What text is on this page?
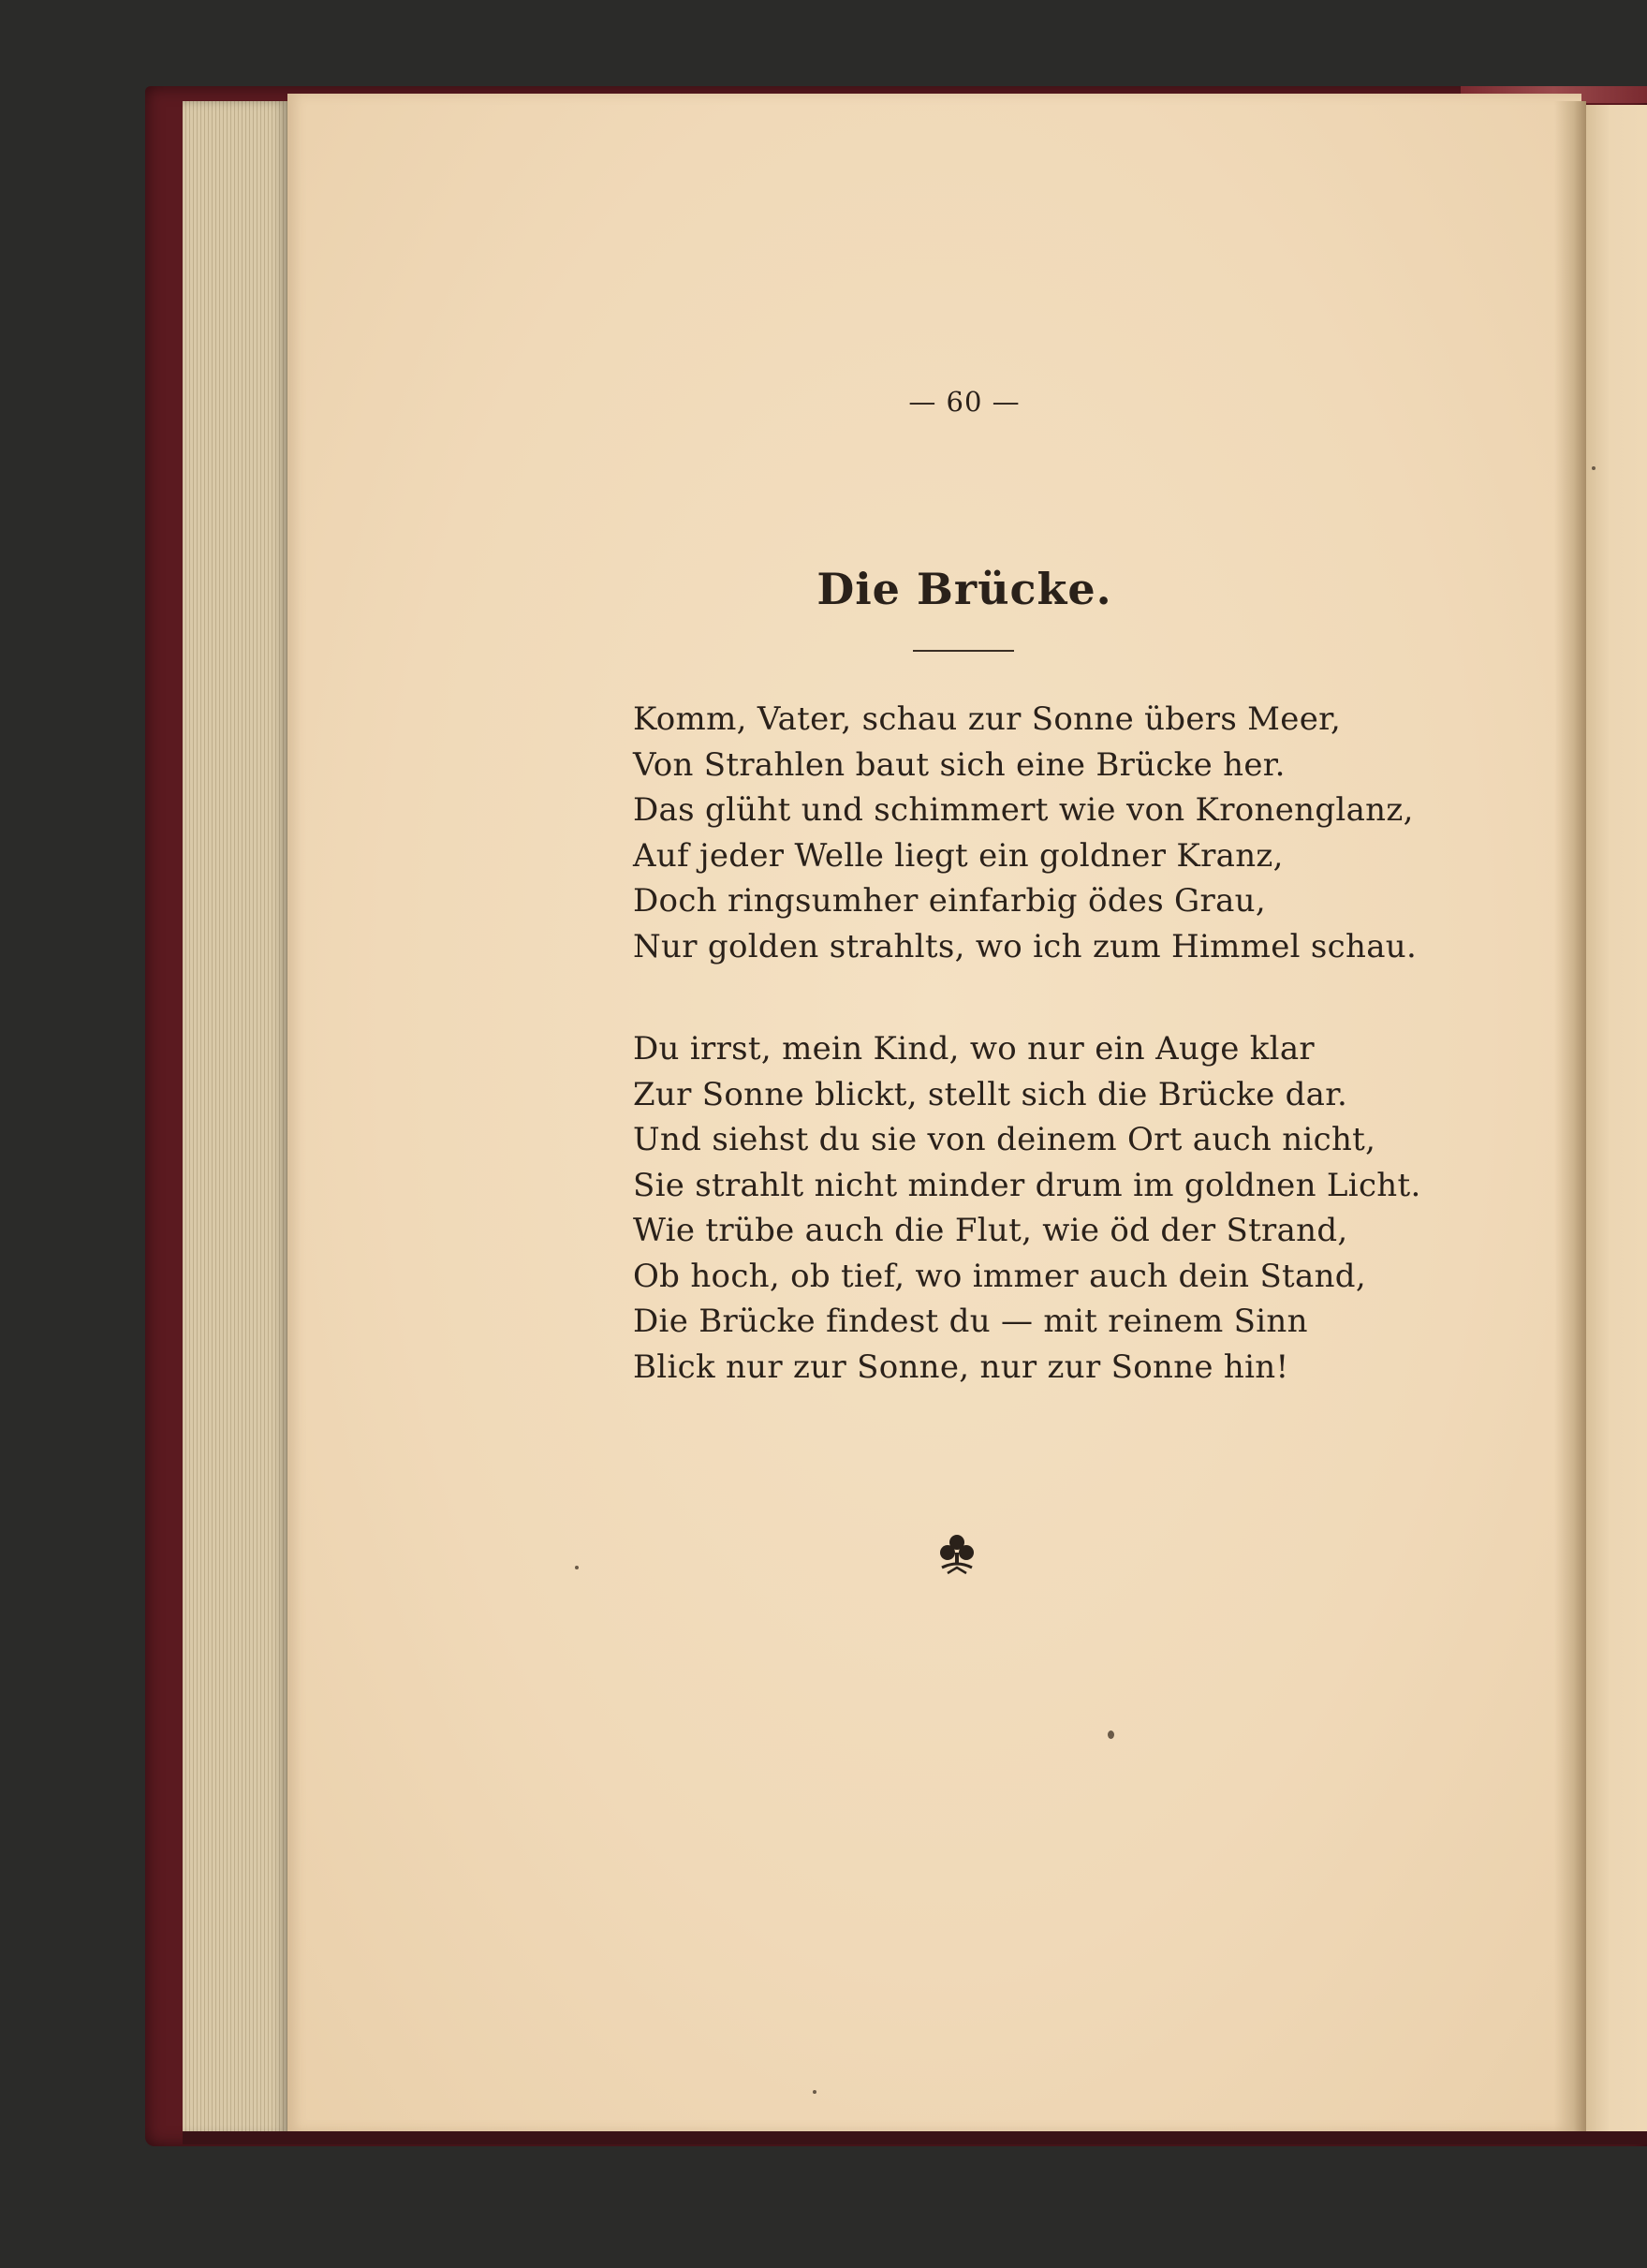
— 60 —
Die Brücke.
Komm, Vater, schau zur Sonne übers Meer,
Von Strahlen baut sich eine Brücke her.
Das glüht und schimmert wie von Kronenglanz,
Auf jeder Welle liegt ein goldner Kranz,
Doch ringsumher einfarbig ödes Grau,
Nur golden strahlts, wo ich zum Himmel schau.
Du irrst, mein Kind, wo nur ein Auge klar
Zur Sonne blickt, stellt sich die Brücke dar.
Und siehst du sie von deinem Ort auch nicht,
Sie strahlt nicht minder drum im goldnen Licht.
Wie trübe auch die Flut, wie öd der Strand,
Ob hoch, ob tief, wo immer auch dein Stand,
Die Brücke findest du — mit reinem Sinn
Blick nur zur Sonne, nur zur Sonne hin!
